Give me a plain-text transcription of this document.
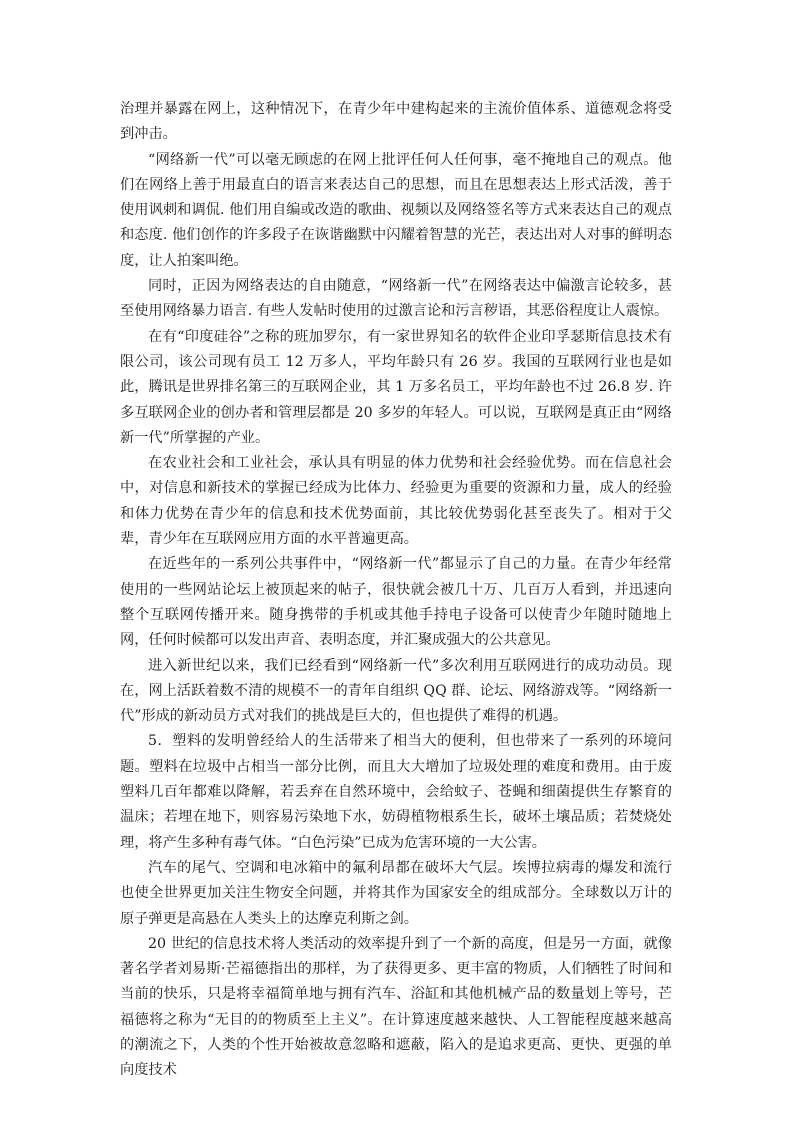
治理并暴露在网上，这种情况下，在青少年中建构起来的主流价值体系、道德观念将受到冲击。

“网络新一代”可以毫无顾虑的在网上批评任何人任何事，毫不掩地自己的观点。他们在网络上善于用最直白的语言来表达自己的思想，而且在思想表达上形式活泼，善于使用讽刺和调侃. 他们用自编或改造的歌曲、视频以及网络签名等方式来表达自己的观点和态度. 他们创作的许多段子在诙谐幽默中闪耀着智慧的光芒，表达出对人对事的鲜明态度，让人拍案叫绝。

同时，正因为网络表达的自由随意，“网络新一代”在网络表达中偏激言论较多，甚至使用网络暴力语言. 有些人发帖时使用的过激言论和污言秽语，其恶俗程度让人震惊。

在有“印度硅谷”之称的班加罗尔，有一家世界知名的软件企业印孚瑟斯信息技术有限公司，该公司现有员工 12 万多人，平均年龄只有 26 岁。我国的互联网行业也是如此，腾讯是世界排名第三的互联网企业，其 1 万多名员工，平均年龄也不过 26.8 岁. 许多互联网企业的创办者和管理层都是 20 多岁的年轻人。可以说，互联网是真正由“网络新一代”所掌握的产业。

在农业社会和工业社会，承认具有明显的体力优势和社会经验优势。而在信息社会中，对信息和新技术的掌握已经成为比体力、经验更为重要的资源和力量，成人的经验和体力优势在青少年的信息和技术优势面前，其比较优势弱化甚至丧失了。相对于父辈，青少年在互联网应用方面的水平普遍更高。

在近些年的一系列公共事件中，“网络新一代”都显示了自己的力量。在青少年经常使用的一些网站论坛上被顶起来的帖子，很快就会被几十万、几百万人看到，并迅速向整个互联网传播开来。随身携带的手机或其他手持电子设备可以使青少年随时随地上网，任何时候都可以发出声音、表明态度，并汇聚成强大的公共意见。

进入新世纪以来，我们已经看到“网络新一代”多次利用互联网进行的成功动员。现在，网上活跃着数不清的规模不一的青年自组织 QQ 群、论坛、网络游戏等。“网络新一代”形成的新动员方式对我们的挑战是巨大的，但也提供了难得的机遇。

5．塑料的发明曾经给人的生活带来了相当大的便利，但也带来了一系列的环境问题。塑料在垃圾中占相当一部分比例，而且大大增加了垃圾处理的难度和费用。由于废塑料几百年都难以降解，若丢弃在自然环境中，会给蚊子、苍蝇和细菌提供生存繁育的温床；若埋在地下，则容易污染地下水，妨碍植物根系生长，破坏土壤品质；若焚烧处理，将产生多种有毒气体。“白色污染”已成为危害环境的一大公害。

汽车的尾气、空调和电冰箱中的氟利昂都在破坏大气层。埃博拉病毒的爆发和流行也使全世界更加关注生物安全问题，并将其作为国家安全的组成部分。全球数以万计的原子弹更是高悬在人类头上的达摩克利斯之剑。

20 世纪的信息技术将人类活动的效率提升到了一个新的高度，但是另一方面，就像著名学者刘易斯·芒福德指出的那样，为了获得更多、更丰富的物质，人们牺牲了时间和当前的快乐，只是将幸福简单地与拥有汽车、浴缸和其他机械产品的数量划上等号，芒福德将之称为“无目的的物质至上主义”。在计算速度越来越快、人工智能程度越来越高的潮流之下，人类的个性开始被故意忽略和遮蔽，陷入的是追求更高、更快、更强的单向度技术
